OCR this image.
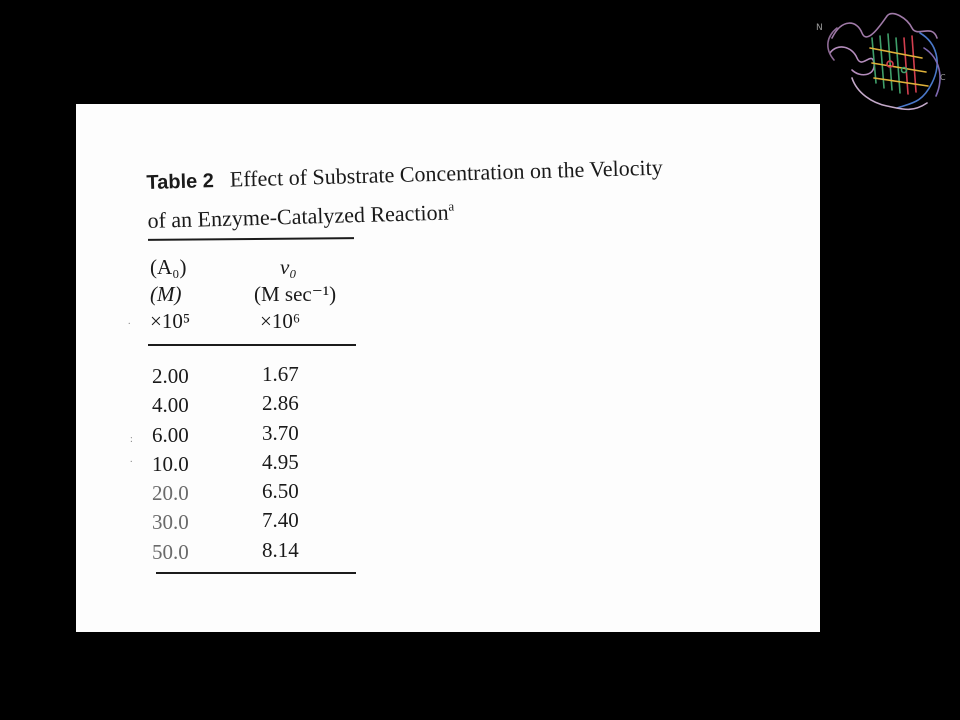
N
C
Table 2 Effect of Substrate Concentration on the Velocity
of an Enzyme-Catalyzed Reaction$^a$
(A₀)
(M)
×10⁵
v₀
(M sec⁻¹)
×10⁶
2.00
4.00
6.00
10.0
20.0
30.0
50.0
1.67
2.86
3.70
4.95
6.50
7.40
8.14
.
:
.
